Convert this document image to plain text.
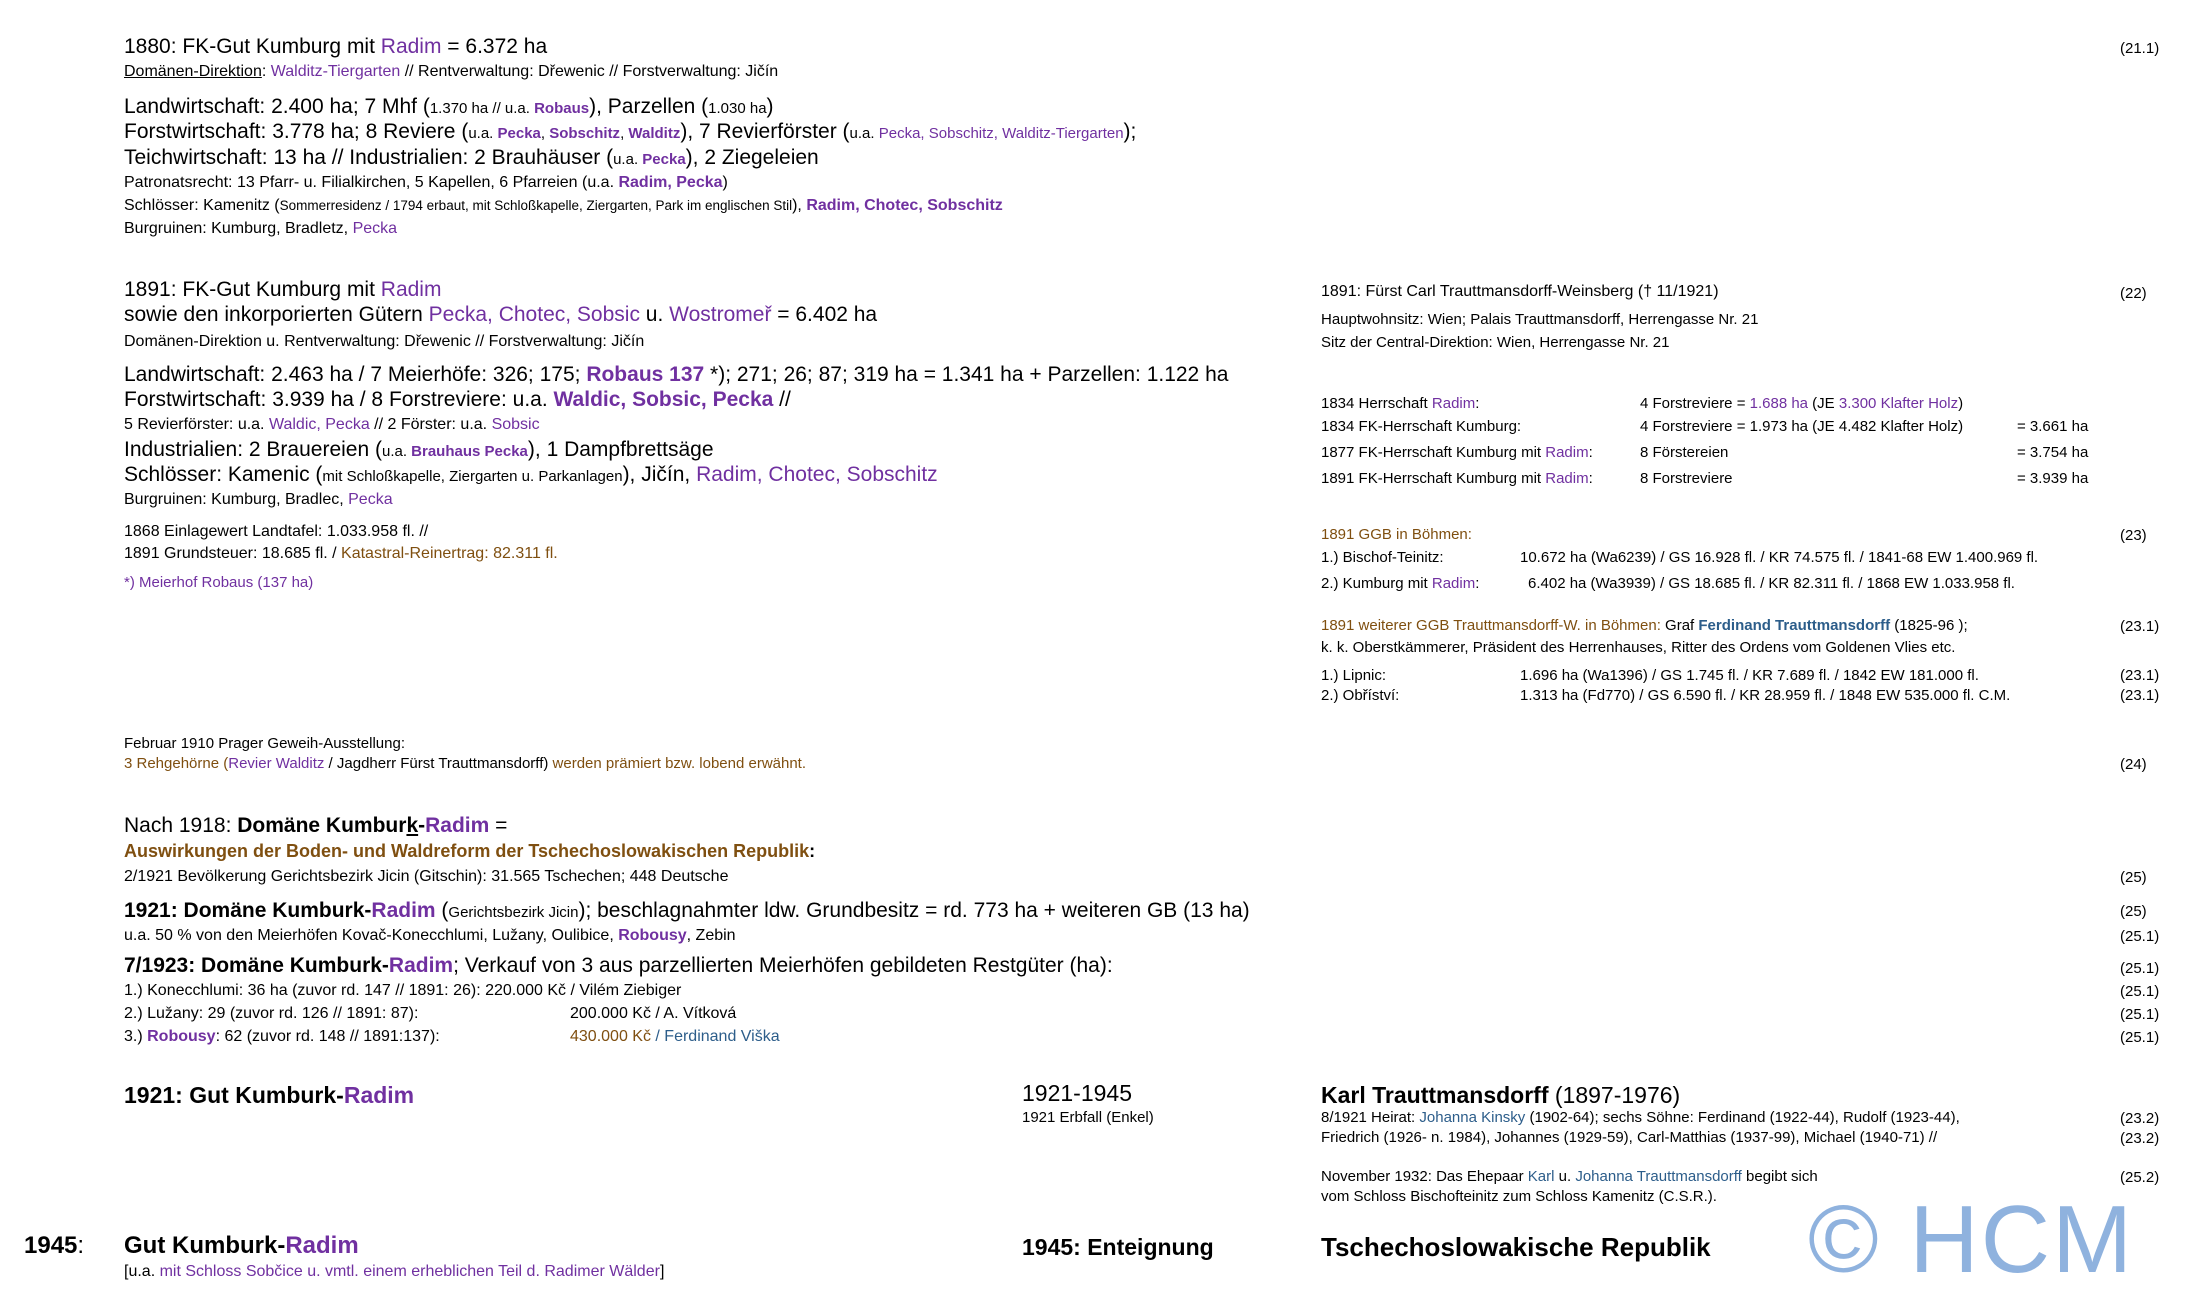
1880: FK-Gut Kumburg mit Radim = 6.372 ha	(21.1)
Domänen-Direktion: Walditz-Tiergarten // Rentverwaltung: Dřewenic // Forstverwaltung: Jičín
Landwirtschaft: 2.400 ha; 7 Mhf (1.370 ha // u.a. Robaus), Parzellen (1.030 ha)
Forstwirtschaft: 3.778 ha; 8 Reviere (u.a. Pecka, Sobschitz, Walditz), 7 Revierförster (u.a. Pecka, Sobschitz, Walditz-Tiergarten);
Teichwirtschaft: 13 ha // Industrialien: 2 Brauhäuser (u.a. Pecka), 2 Ziegeleien
Patronatsrecht: 13 Pfarr- u. Filialkirchen, 5 Kapellen, 6 Pfarreien (u.a. Radim, Pecka)
Schlösser: Kamenitz (Sommerresidenz / 1794 erbaut, mit Schloßkapelle, Ziergarten, Park im englischen Stil), Radim, Chotec, Sobschitz
Burgruinen: Kumburg, Bradletz, Pecka
1891: FK-Gut Kumburg mit Radim
sowie den inkorporierten Gütern Pecka, Chotec, Sobsic u. Wostromeř = 6.402 ha
Domänen-Direktion u. Rentverwaltung: Dřewenic // Forstverwaltung: Jičín
Landwirtschaft: 2.463 ha / 7 Meierhöfe: 326; 175; Robaus 137 *); 271; 26; 87; 319 ha = 1.341 ha + Parzellen: 1.122 ha
Forstwirtschaft: 3.939 ha / 8 Forstreviere: u.a. Waldic, Sobsic, Pecka //
5 Revierförster: u.a. Waldic, Pecka // 2 Förster: u.a. Sobsic
Industrialien: 2 Brauereien (u.a. Brauhaus Pecka), 1 Dampfbrettsäge
Schlösser: Kamenic (mit Schloßkapelle, Ziergarten u. Parkanlagen), Jičín, Radim, Chotec, Sobschitz
Burgruinen: Kumburg, Bradlec, Pecka
1868 Einlagewert Landtafel: 1.033.958 fl. //
1891 Grundsteuer: 18.685 fl. / Katastral-Reinertrag: 82.311 fl.
*) Meierhof Robaus (137 ha)
1891: Fürst Carl Trauttmansdorff-Weinsberg († 11/1921)	(22)
Hauptwohnsitz: Wien; Palais Trauttmansdorff, Herrengasse Nr. 21
Sitz der Central-Direktion: Wien, Herrengasse Nr. 21
1834 Herrschaft Radim:	4 Forstreviere = 1.688 ha (JE 3.300 Klafter Holz)
1834 FK-Herrschaft Kumburg:	4 Forstreviere = 1.973 ha (JE 4.482 Klafter Holz)	= 3.661 ha
1877 FK-Herrschaft Kumburg mit Radim:	8 Förstereien	= 3.754 ha
1891 FK-Herrschaft Kumburg mit Radim:	8 Forstreviere	= 3.939 ha
1891 GGB in Böhmen:	(23)
1.) Bischof-Teinitz:	10.672 ha (Wa6239) / GS 16.928 fl. / KR 74.575 fl. / 1841-68 EW 1.400.969 fl.
2.) Kumburg mit Radim:	6.402 ha (Wa3939) / GS 18.685 fl. / KR 82.311 fl. / 1868 EW 1.033.958 fl.
1891 weiterer GGB Trauttmansdorff-W. in Böhmen: Graf Ferdinand Trauttmansdorff (1825-96 );	(23.1)
k. k. Oberstkämmerer, Präsident des Herrenhauses, Ritter des Ordens vom Goldenen Vlies etc.
1.) Lipnic:	1.696 ha (Wa1396) / GS 1.745 fl. / KR 7.689 fl. / 1842 EW 181.000 fl.	(23.1)
2.) Obříství:	1.313 ha (Fd770) / GS 6.590 fl. / KR 28.959 fl. / 1848 EW 535.000 fl. C.M.	(23.1)
Februar 1910 Prager Geweih-Ausstellung:
3 Rehgehörne (Revier Walditz / Jagdherr Fürst Trauttmansdorff) werden prämiert bzw. lobend erwähnt.	(24)
Nach 1918: Domäne Kumburk-Radim =
Auswirkungen der Boden- und Waldreform der Tschechoslowakischen Republik:
2/1921 Bevölkerung Gerichtsbezirk Jicin (Gitschin): 31.565 Tschechen; 448 Deutsche	(25)
1921: Domäne Kumburk-Radim (Gerichtsbezirk Jicin); beschlagnahmter ldw. Grundbesitz = rd. 773 ha + weiteren GB (13 ha)	(25)
u.a. 50 % von den Meierhöfen Kovač-Konecchlumi, Lužany, Oulibice, Robousy, Zebin	(25.1)
7/1923: Domäne Kumburk-Radim; Verkauf von 3 aus parzellierten Meierhöfen gebildeten Restgüter (ha):	(25.1)
1.) Konecchlumi: 36 ha (zuvor rd. 147 // 1891: 26): 220.000 Kč / Vilém Ziebiger	(25.1)
2.) Lužany: 29 (zuvor rd. 126 // 1891: 87):	200.000 Kč / A. Vítková	(25.1)
3.) Robousy: 62 (zuvor rd. 148 // 1891:137):	430.000 Kč / Ferdinand Viška	(25.1)
1921: Gut Kumburk-Radim	1921-1945
1921 Erbfall (Enkel)
Karl Trauttmansdorff (1897-1976)
8/1921 Heirat: Johanna Kinsky (1902-64); sechs Söhne: Ferdinand (1922-44), Rudolf (1923-44),	(23.2)
Friedrich (1926- n. 1984), Johannes (1929-59), Carl-Matthias (1937-99), Michael (1940-71) //	(23.2)
November 1932: Das Ehepaar Karl u. Johanna Trauttmansdorff begibt sich	(25.2)
vom Schloss Bischofteinitz zum Schloss Kamenitz (C.S.R.).
1945: Gut Kumburk-Radim
[u.a. mit Schloss Sobčice u. vmtl. einem erheblichen Teil d. Radimer Wälder]
1945: Enteignung	Tschechoslowakische Republik © HCM
